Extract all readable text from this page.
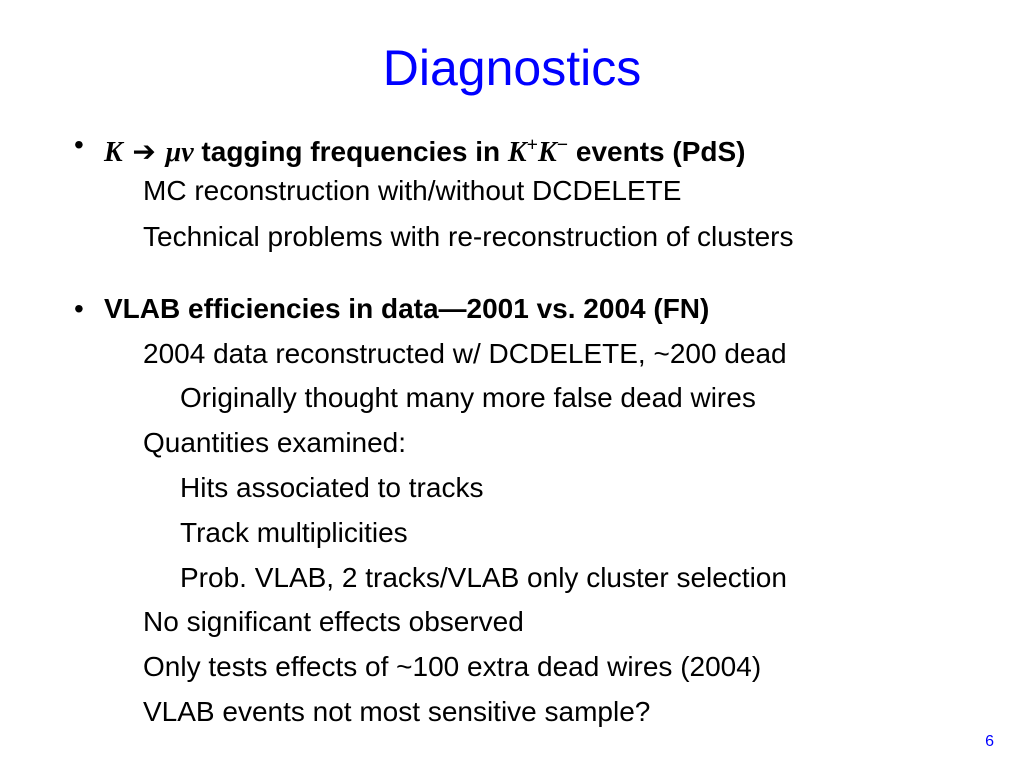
Diagnostics
• K ➔ μν tagging frequencies in K+K− events (PdS)
MC reconstruction with/without DCDELETE
Technical problems with re-reconstruction of clusters
• VLAB efficiencies in data—2001 vs. 2004 (FN)
2004 data reconstructed w/ DCDELETE, ~200 dead
Originally thought many more false dead wires
Quantities examined:
Hits associated to tracks
Track multiplicities
Prob. VLAB, 2 tracks/VLAB only cluster selection
No significant effects observed
Only tests effects of ~100 extra dead wires (2004)
VLAB events not most sensitive sample?
6
